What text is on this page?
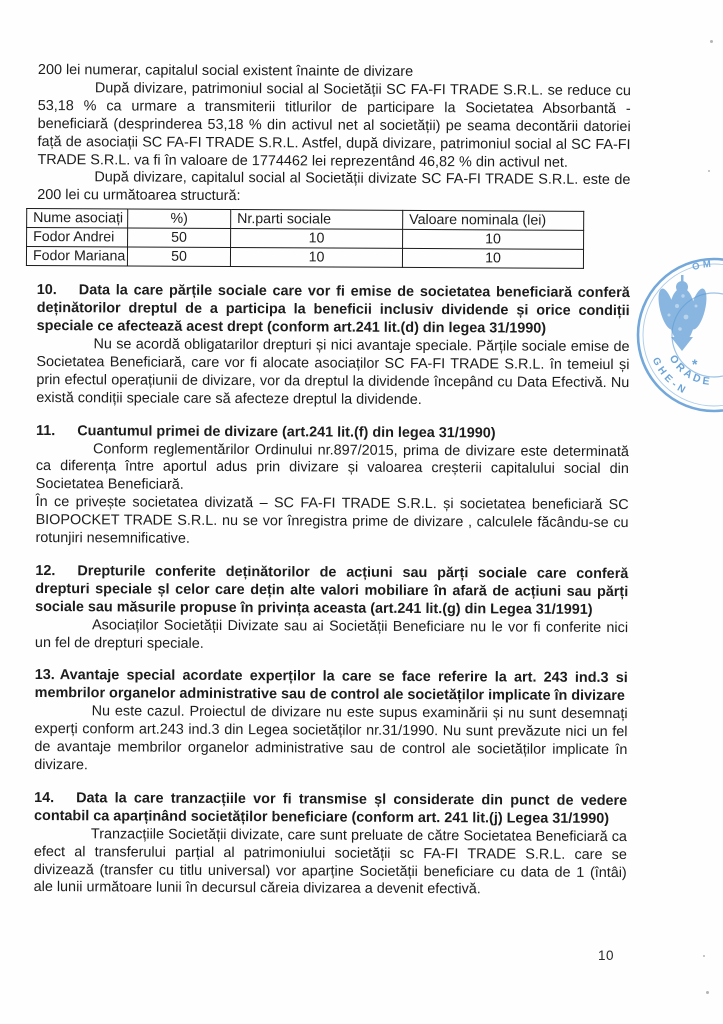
200 lei numerar, capitalul social existent înainte de divizare

După divizare, patrimoniul social al Societății SC FA-FI TRADE S.R.L. se reduce cu 53,18 % ca urmare a transmiterii titlurilor de participare la Societatea Absorbantă - beneficiară (desprinderea 53,18 % din activul net al societății) pe seama decontării datoriei față de asociații SC FA-FI TRADE S.R.L. Astfel, după divizare, patrimoniul social al SC FA-FI TRADE S.R.L. va fi în valoare de 1774462 lei reprezentând 46,82 % din activul net.

După divizare, capitalul social al Societății divizate SC FA-FI TRADE S.R.L. este de 200 lei cu următoarea structură:

Nume asociați	%)	Nr.parti sociale	Valoare nominala (lei)
Fodor Andrei	50	10	10
Fodor Mariana	50	10	10

10. Data la care părțile sociale care vor fi emise de societatea beneficiară conferă deținătorilor dreptul de a participa la beneficii inclusiv dividende și orice condiții speciale ce afectează acest drept (conform art.241 lit.(d) din legea 31/1990)

Nu se acordă obligatarilor drepturi și nici avantaje speciale. Părțile sociale emise de Societatea Beneficiară, care vor fi alocate asociaților SC FA-FI TRADE S.R.L. în temeiul și prin efectul operațiunii de divizare, vor da dreptul la dividende începând cu Data Efectivă. Nu există condiții speciale care să afecteze dreptul la dividende.

11. Cuantumul primei de divizare (art.241 lit.(f) din legea 31/1990)

Conform reglementărilor Ordinului nr.897/2015, prima de divizare este determinată ca diferența între aportul adus prin divizare și valoarea creșterii capitalului social din Societatea Beneficiară.

În ce privește societatea divizată – SC FA-FI TRADE S.R.L. și societatea beneficiară SC BIOPOCKET TRADE S.R.L. nu se vor înregistra prime de divizare , calculele făcându-se cu rotunjiri nesemnificative.

12. Drepturile conferite deținătorilor de acțiuni sau părți sociale care conferă drepturi speciale șl celor care dețin alte valori mobiliare în afară de acțiuni sau părți sociale sau măsurile propuse în privința aceasta (art.241 lit.(g) din Legea 31/1991)

Asociaților Societății Divizate sau ai Societății Beneficiare nu le vor fi conferite nici un fel de drepturi speciale.

13. Avantaje special acordate experților la care se face referire la art. 243 ind.3 si membrilor organelor administrative sau de control ale societăților implicate în divizare

Nu este cazul. Proiectul de divizare nu este supus examinării și nu sunt desemnați experți conform art.243 ind.3 din Legea societăților nr.31/1990. Nu sunt prevăzute nici un fel de avantaje membrilor organelor administrative sau de control ale societăților implicate în divizare.

14. Data la care tranzacțiile vor fi transmise șl considerate din punct de vedere contabil ca aparținând societăților beneficiare (conform art. 241 lit.(j) Legea 31/1990)

Tranzacțiile Societății divizate, care sunt preluate de către Societatea Beneficiară ca efect al transferului parțial al patrimoniului societății sc FA-FI TRADE S.R.L. care se divizează (transfer cu titlu universal) vor aparține Societății beneficiare cu data de 1 (întâi) ale lunii următoare lunii în decursul căreia divizarea a devenit efectivă.

OM
GHE-N
ORADE
*
10
